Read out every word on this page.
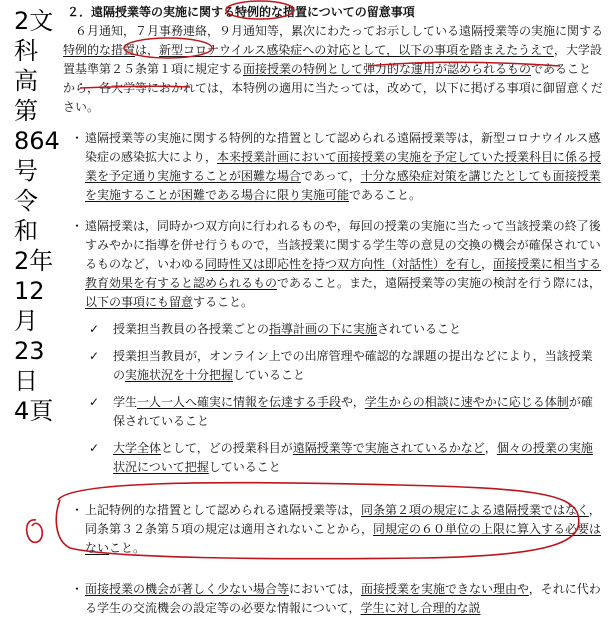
2文
科高
第
864
号
令和
2年
12月
23日
4頁
２．遠隔授業等の実施に関する特例的な措置についての留意事項
６月通知，７月事務連絡，９月通知等，累次にわたってお示ししている遠隔授業等の実施に関する特例的な措置は，新型コロナウイルス感染症への対応として，以下の事項を踏まえたうえで，大学設置基準第２５条第１項に規定する面接授業の特例として弾力的な運用が認められるものであることから，各大学等におかれては，本特例の適用に当たっては，改めて，以下に掲げる事項に御留意ください。
・ 遠隔授業等の実施に関する特例的な措置として認められる遠隔授業等は，新型コロナウイルス感染症の感染拡大により，本来授業計画において面接授業の実施を予定していた授業科目に係る授業を予定通り実施することが困難な場合であって，十分な感染症対策を講じたとしても面接授業を実施することが困難である場合に限り実施可能であること。
・ 遠隔授業は，同時かつ双方向に行われるものや，毎回の授業の実施に当たって当該授業の終了後すみやかに指導を併せ行うもので，当該授業に関する学生等の意見の交換の機会が確保されているものなど，いわゆる同時性又は即応性を持つ双方向性（対話性）を有し，面接授業に相当する教育効果を有すると認められるものであること。また，遠隔授業等の実施の検討を行う際には，以下の事項にも留意すること。
✓ 授業担当教員の各授業ごとの指導計画の下に実施されていること
✓ 授業担当教員が，オンライン上での出席管理や確認的な課題の提出などにより，当該授業の実施状況を十分把握していること
✓ 学生一人一人へ確実に情報を伝達する手段や，学生からの相談に速やかに応じる体制が確保されていること
✓ 大学全体として，どの授業科目が遠隔授業等で実施されているかなど，個々の授業の実施状況について把握していること
・ 上記特例的な措置として認められる遠隔授業等は，同条第２項の規定による遠隔授業ではなく，同条第３２条第５項の規定は適用されないことから，同規定の６０単位の上限に算入する必要はないこと。
・ 面接授業の機会が著しく少ない場合等においては，面接授業を実施できない理由や，それに代わる学生の交流機会の設定等の必要な情報について，学生に対し合理的な説
